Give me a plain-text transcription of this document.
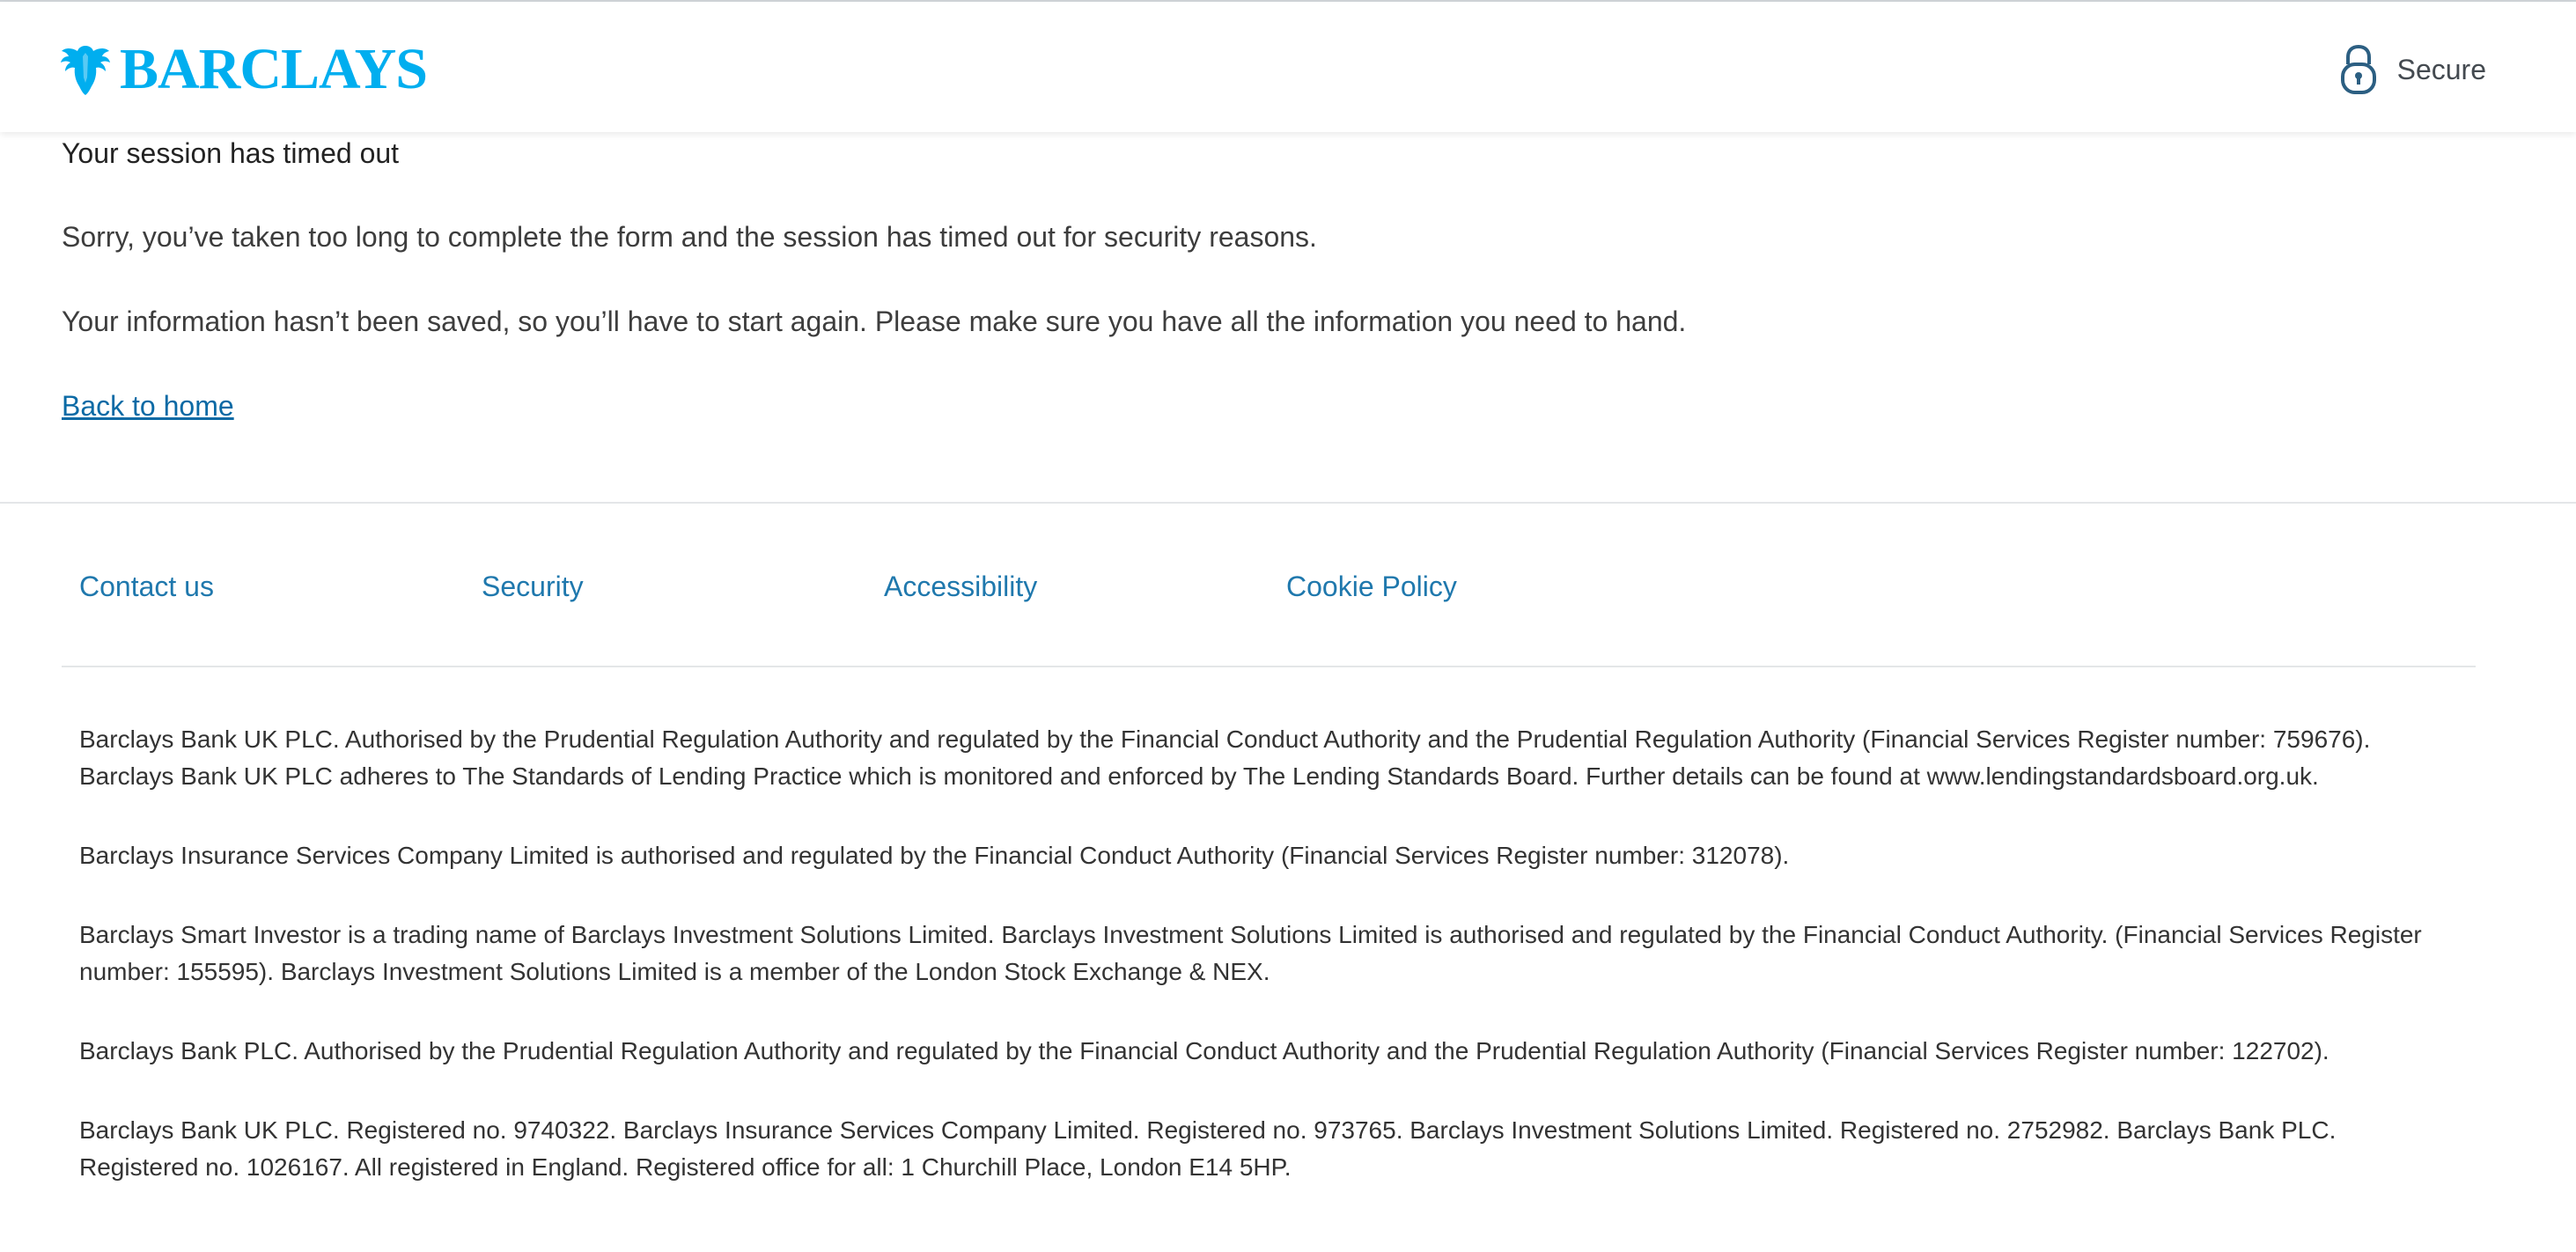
BARCLAYS	Secure
Your session has timed out

Sorry, you’ve taken too long to complete the form and the session has timed out for security reasons.

Your information hasn’t been saved, so you’ll have to start again. Please make sure you have all the information you need to hand.

Back to home
Contact us	Security	Accessibility	Cookie Policy

Barclays Bank UK PLC. Authorised by the Prudential Regulation Authority and regulated by the Financial Conduct Authority and the Prudential Regulation Authority (Financial Services Register number: 759676). Barclays Bank UK PLC adheres to The Standards of Lending Practice which is monitored and enforced by The Lending Standards Board. Further details can be found at www.lendingstandardsboard.org.uk.

Barclays Insurance Services Company Limited is authorised and regulated by the Financial Conduct Authority (Financial Services Register number: 312078).

Barclays Smart Investor is a trading name of Barclays Investment Solutions Limited. Barclays Investment Solutions Limited is authorised and regulated by the Financial Conduct Authority. (Financial Services Register number: 155595). Barclays Investment Solutions Limited is a member of the London Stock Exchange & NEX.

Barclays Bank PLC. Authorised by the Prudential Regulation Authority and regulated by the Financial Conduct Authority and the Prudential Regulation Authority (Financial Services Register number: 122702).

Barclays Bank UK PLC. Registered no. 9740322. Barclays Insurance Services Company Limited. Registered no. 973765. Barclays Investment Solutions Limited. Registered no. 2752982. Barclays Bank PLC. Registered no. 1026167. All registered in England. Registered office for all: 1 Churchill Place, London E14 5HP.
